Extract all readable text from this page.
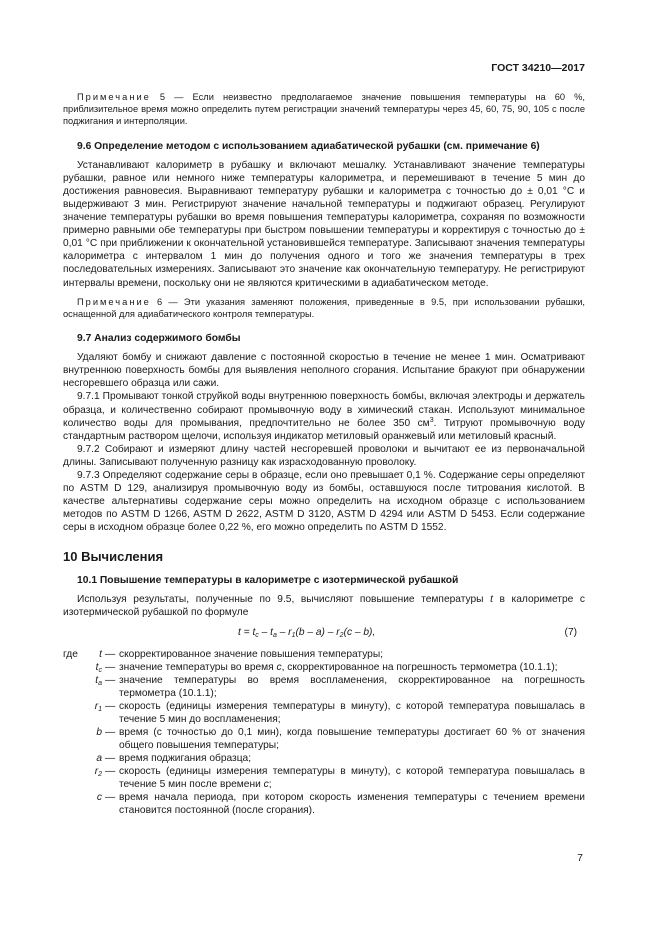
ГОСТ 34210—2017

Примечание 5 — Если неизвестно предполагаемое значение повышения температуры на 60 %, приблизительное время можно определить путем регистрации значений температуры через 45, 60, 75, 90, 105 с после поджигания и интерполяции.

9.6 Определение методом с использованием адиабатической рубашки (см. примечание 6)

Устанавливают калориметр в рубашку и включают мешалку. Устанавливают значение температуры рубашки, равное или немного ниже температуры калориметра, и перемешивают в течение 5 мин до достижения равновесия. Выравнивают температуру рубашки и калориметра с точностью до ± 0,01 °С и выдерживают 3 мин. Регистрируют значение начальной температуры и поджигают образец. Регулируют значение температуры рубашки во время повышения температуры калориметра, сохраняя по возможности примерно равными обе температуры при быстром повышении температуры и корректируя с точностью до ± 0,01 °С при приближении к окончательной установившейся температуре. Записывают значения температуры калориметра с интервалом 1 мин до получения одного и того же значения температуры в трех последовательных измерениях. Записывают это значение как окончательную температуру. Не регистрируют интервалы времени, поскольку они не являются критическими в адиабатическом методе.

Примечание 6 — Эти указания заменяют положения, приведенные в 9.5, при использовании рубашки, оснащенной для адиабатического контроля температуры.

9.7 Анализ содержимого бомбы

Удаляют бомбу и снижают давление с постоянной скоростью в течение не менее 1 мин. Осматривают внутреннюю поверхность бомбы для выявления неполного сгорания. Испытание бракуют при обнаружении несгоревшего образца или сажи.

9.7.1 Промывают тонкой струйкой воды внутреннюю поверхность бомбы, включая электроды и держатель образца, и количественно собирают промывочную воду в химический стакан. Используют минимальное количество воды для промывания, предпочтительно не более 350 $см^3$. Титруют промывочную воду стандартным раствором щелочи, используя индикатор метиловый оранжевый или метиловый красный.

9.7.2 Собирают и измеряют длину частей несгоревшей проволоки и вычитают ее из первоначальной длины. Записывают полученную разницу как израсходованную проволоку.

9.7.3 Определяют содержание серы в образце, если оно превышает 0,1 %. Содержание серы определяют по ASTM D 129, анализируя промывочную воду из бомбы, оставшуюся после титрования кислотой. В качестве альтернативы содержание серы можно определить на исходном образце с использованием методов по ASTM D 1266, ASTM D 2622, ASTM D 3120, ASTM D 4294 или ASTM D 5453. Если содержание серы в исходном образце более 0,22 %, его можно определить по ASTM D 1552.

10 Вычисления
10.1 Повышение температуры в калориметре с изотермической рубашкой

Используя результаты, полученные по 9.5, вычисляют повышение температуры t в калориметре с изотермической рубашкой по формуле

$t = t_c - t_a - r_1(b - a) - r_2(c - b)$,	(7)
где	t — скорректированное значение повышения температуры;
$t_c$ — значение температуры во время c, скорректированное на погрешность термометра (10.1.1);
$t_a$ — значение температуры во время воспламенения, скорректированное на погрешность термометра (10.1.1);
$r_1$ — скорость (единицы измерения температуры в минуту), с которой температура повышалась в течение 5 мин до воспламенения;
b — время (с точностью до 0,1 мин), когда повышение температуры достигает 60 % от значения общего повышения температуры;
a — время поджигания образца;
$r_2$ — скорость (единицы измерения температуры в минуту), с которой температура повышалась в течение 5 мин после времени c;
c — время начала периода, при котором скорость изменения температуры с течением времени становится постоянной (после сгорания).
7
